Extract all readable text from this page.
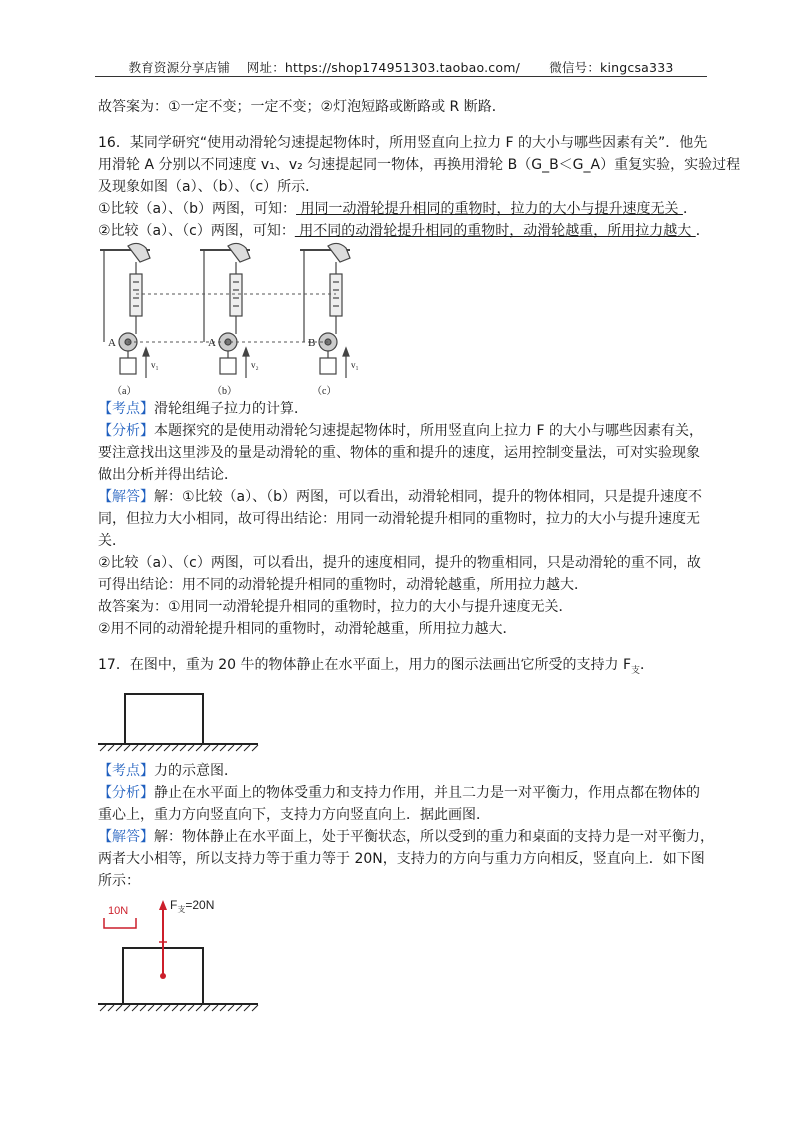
教育资源分享店铺 网址：https://shop174951303.taobao.com/ 微信号：kingcsa333
故答案为：①一定不变；一定不变；②灯泡短路或断路或 R 断路．
16．某同学研究“使用动滑轮匀速提起物体时，所用竖直向上拉力 F 的大小与哪些因素有关”．他先
用滑轮 A 分别以不同速度 v₁、v₂ 匀速提起同一物体，再换用滑轮 B（G_B＜G_A）重复实验，实验过程
及现象如图（a）、（b）、（c）所示．
①比较（a）、（b）两图，可知： 用同一动滑轮提升相同的重物时，拉力的大小与提升速度无关 ．
②比较（a）、（c）两图，可知： 用不同的动滑轮提升相同的重物时，动滑轮越重，所用拉力越大 ．
A	A	B
v₁	v₂	v₁
（a）	（b）	（c）
【考点】滑轮组绳子拉力的计算．
【分析】本题探究的是使用动滑轮匀速提起物体时，所用竖直向上拉力 F 的大小与哪些因素有关，
要注意找出这里涉及的量是动滑轮的重、物体的重和提升的速度，运用控制变量法，可对实验现象
做出分析并得出结论．
【解答】解：①比较（a）、（b）两图，可以看出，动滑轮相同，提升的物体相同，只是提升速度不
同，但拉力大小相同，故可得出结论：用同一动滑轮提升相同的重物时，拉力的大小与提升速度无
关．
②比较（a）、（c）两图，可以看出，提升的速度相同，提升的物重相同，只是动滑轮的重不同，故
可得出结论：用不同的动滑轮提升相同的重物时，动滑轮越重，所用拉力越大．
故答案为：①用同一动滑轮提升相同的重物时，拉力的大小与提升速度无关．
②用不同的动滑轮提升相同的重物时，动滑轮越重，所用拉力越大．
17．在图中，重为 20 牛的物体静止在水平面上，用力的图示法画出它所受的支持力 $F_支$．
【考点】力的示意图．
【分析】静止在水平面上的物体受重力和支持力作用，并且二力是一对平衡力，作用点都在物体的
重心上，重力方向竖直向下，支持力方向竖直向上．据此画图．
【解答】解：物体静止在水平面上，处于平衡状态，所以受到的重力和桌面的支持力是一对平衡力，
两者大小相等，所以支持力等于重力等于 20N，支持力的方向与重力方向相反，竖直向上．如下图
所示：
10N	$F_支=20N$
